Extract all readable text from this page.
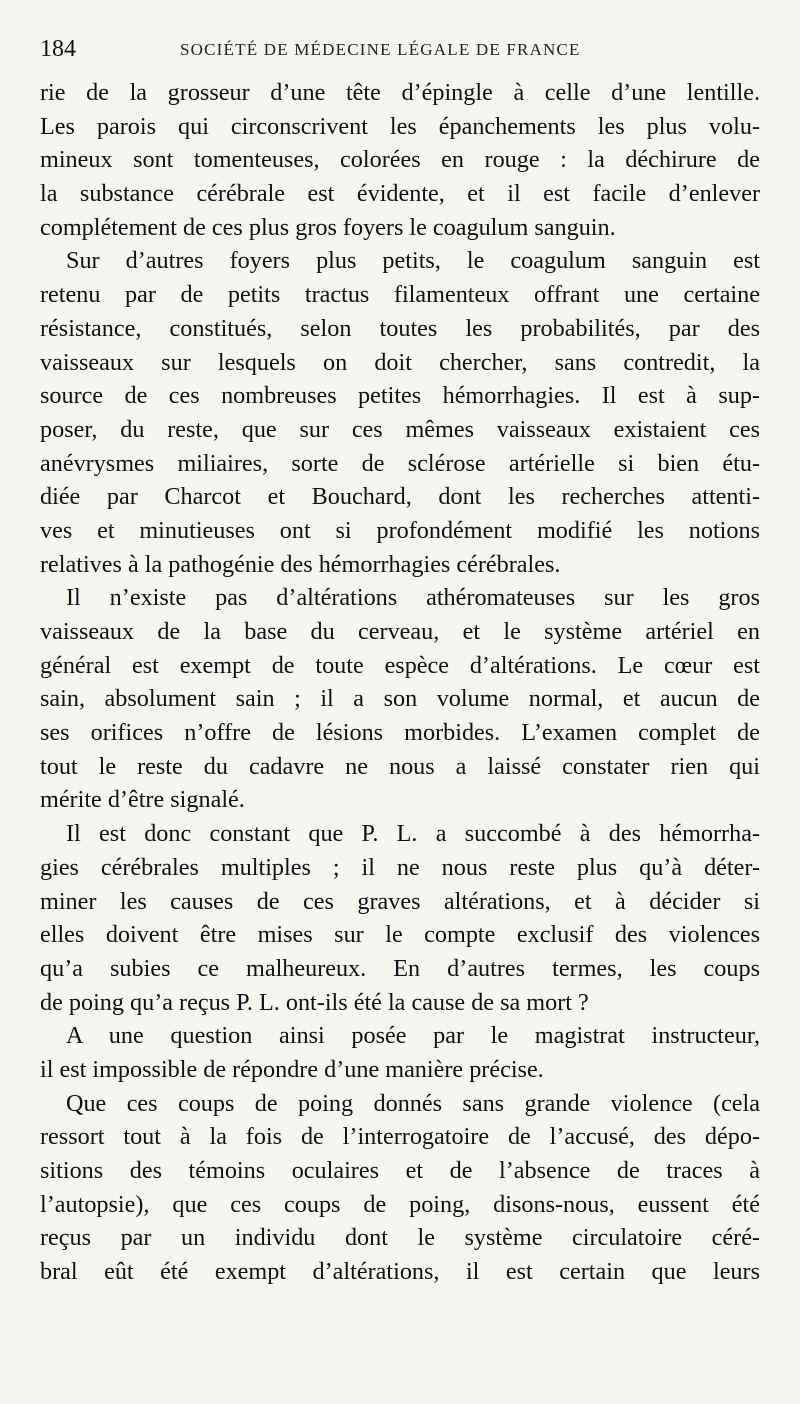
184	SOCIÉTÉ DE MÉDECINE LÉGALE DE FRANCE
rie de la grosseur d’une tête d’épingle à celle d’une lentille.
Les parois qui circonscrivent les épanchements les plus volu-
mineux sont tomenteuses, colorées en rouge : la déchirure de
la substance cérébrale est évidente, et il est facile d’enlever
complétement de ces plus gros foyers le coagulum sanguin.
Sur d’autres foyers plus petits, le coagulum sanguin est
retenu par de petits tractus filamenteux offrant une certaine
résistance, constitués, selon toutes les probabilités, par des
vaisseaux sur lesquels on doit chercher, sans contredit, la
source de ces nombreuses petites hémorrhagies. Il est à sup-
poser, du reste, que sur ces mêmes vaisseaux existaient ces
anévrysmes miliaires, sorte de sclérose artérielle si bien étu-
diée par Charcot et Bouchard, dont les recherches attenti-
ves et minutieuses ont si profondément modifié les notions
relatives à la pathogénie des hémorrhagies cérébrales.
Il n’existe pas d’altérations athéromateuses sur les gros
vaisseaux de la base du cerveau, et le système artériel en
général est exempt de toute espèce d’altérations. Le cœur est
sain, absolument sain ; il a son volume normal, et aucun de
ses orifices n’offre de lésions morbides. L’examen complet de
tout le reste du cadavre ne nous a laissé constater rien qui
mérite d’être signalé.
Il est donc constant que P. L. a succombé à des hémorrha-
gies cérébrales multiples ; il ne nous reste plus qu’à déter-
miner les causes de ces graves altérations, et à décider si
elles doivent être mises sur le compte exclusif des violences
qu’a subies ce malheureux. En d’autres termes, les coups
de poing qu’a reçus P. L. ont-ils été la cause de sa mort ?
A une question ainsi posée par le magistrat instructeur,
il est impossible de répondre d’une manière précise.
Que ces coups de poing donnés sans grande violence (cela
ressort tout à la fois de l’interrogatoire de l’accusé, des dépo-
sitions des témoins oculaires et de l’absence de traces à
l’autopsie), que ces coups de poing, disons-nous, eussent été
reçus par un individu dont le système circulatoire céré-
bral eût été exempt d’altérations, il est certain que leurs
